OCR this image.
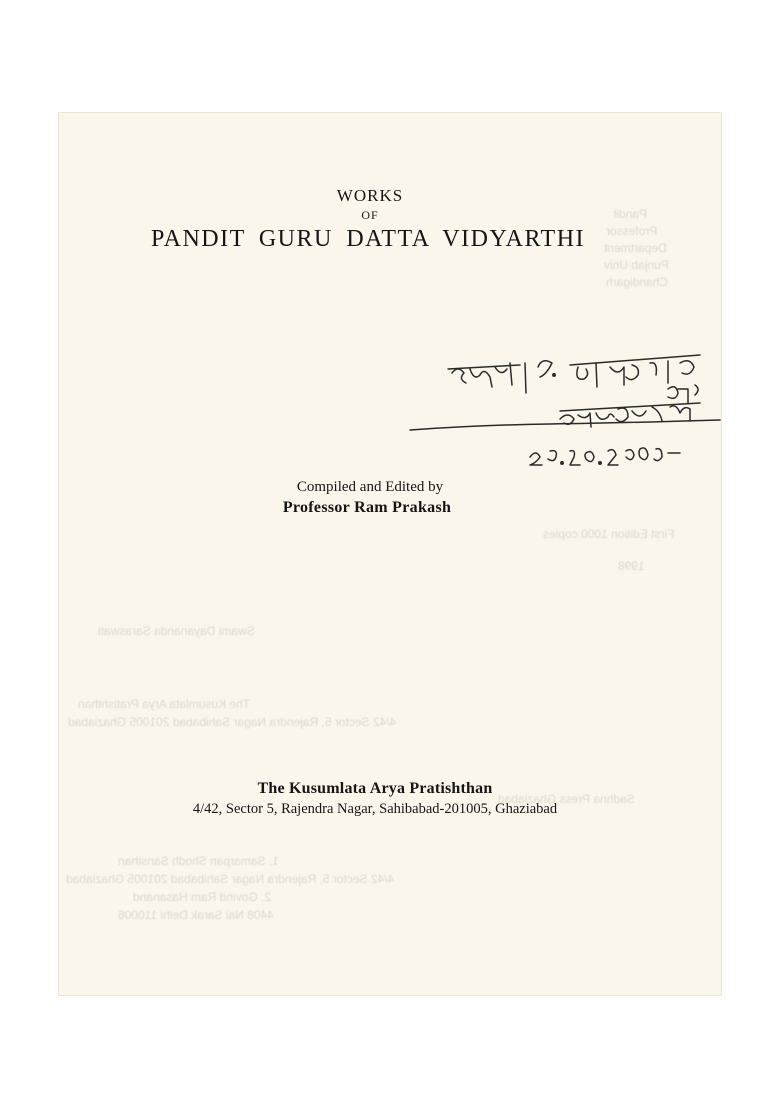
Pandit
Professor
Department
Punjab Univ
Chandigarh
First Edition 1000 copies
1998
Swami Dayananda Saraswati
The Kusumlata Arya Pratishthan
4/42 Sector 5, Rajendra Nagar Sahibabad 201005 Ghaziabad
Sadhna Press Ghaziabad
1. Samarpan Shodh Sansthan
4/42 Sector 5, Rajendra Nagar Sahibabad 201005 Ghaziabad
2. Govind Ram Hasanand
4408 Nai Sarak Delhi 110006
WORKS
OF
PANDIT GURU DATTA VIDYARTHI
Compiled and Edited by
Professor Ram Prakash
The Kusumlata Arya Pratishthan
4/42, Sector 5, Rajendra Nagar, Sahibabad-201005, Ghaziabad
